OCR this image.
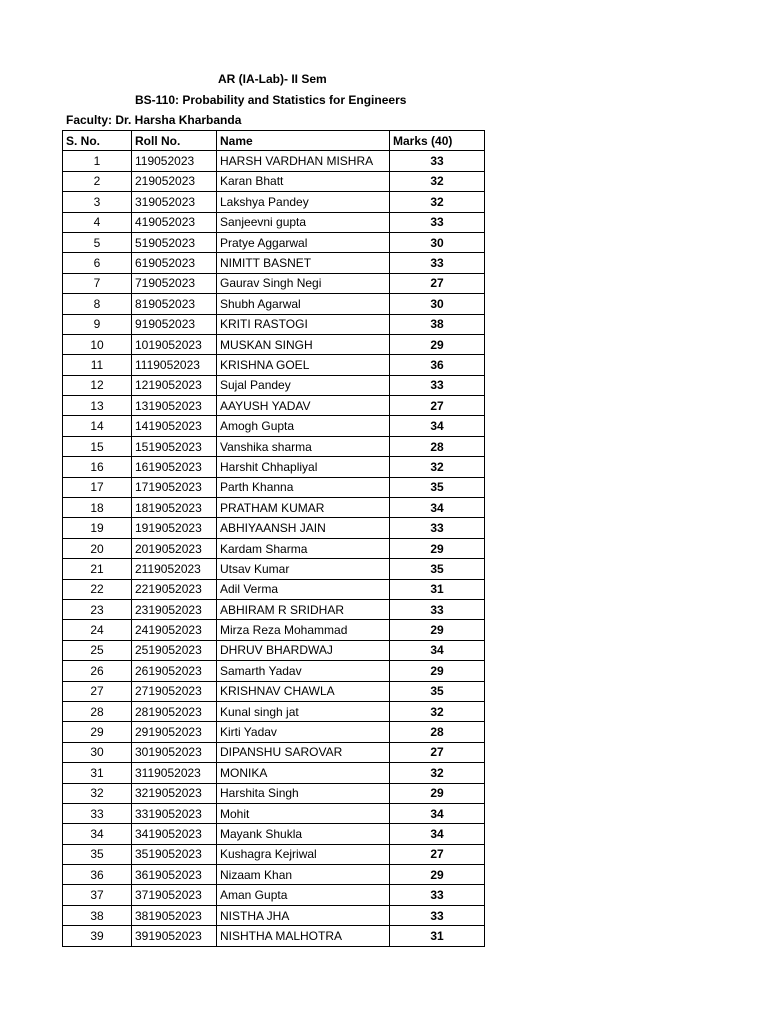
AR (IA-Lab)- II Sem
BS-110: Probability and Statistics for Engineers
Faculty: Dr. Harsha Kharbanda
S. No.	Roll No.	Name	Marks (40)
1	119052023	HARSH VARDHAN MISHRA	33
2	219052023	Karan Bhatt	32
3	319052023	Lakshya Pandey	32
4	419052023	Sanjeevni gupta	33
5	519052023	Pratye Aggarwal	30
6	619052023	NIMITT BASNET	33
7	719052023	Gaurav Singh Negi	27
8	819052023	Shubh Agarwal	30
9	919052023	KRITI RASTOGI	38
10	1019052023	MUSKAN SINGH	29
11	1119052023	KRISHNA GOEL	36
12	1219052023	Sujal Pandey	33
13	1319052023	AAYUSH YADAV	27
14	1419052023	Amogh Gupta	34
15	1519052023	Vanshika sharma	28
16	1619052023	Harshit Chhapliyal	32
17	1719052023	Parth Khanna	35
18	1819052023	PRATHAM KUMAR	34
19	1919052023	ABHIYAANSH JAIN	33
20	2019052023	Kardam Sharma	29
21	2119052023	Utsav Kumar	35
22	2219052023	Adil Verma	31
23	2319052023	ABHIRAM R SRIDHAR	33
24	2419052023	Mirza Reza Mohammad	29
25	2519052023	DHRUV BHARDWAJ	34
26	2619052023	Samarth Yadav	29
27	2719052023	KRISHNAV CHAWLA	35
28	2819052023	Kunal singh jat	32
29	2919052023	Kirti Yadav	28
30	3019052023	DIPANSHU SAROVAR	27
31	3119052023	MONIKA	32
32	3219052023	Harshita Singh	29
33	3319052023	Mohit	34
34	3419052023	Mayank Shukla	34
35	3519052023	Kushagra Kejriwal	27
36	3619052023	Nizaam Khan	29
37	3719052023	Aman Gupta	33
38	3819052023	NISTHA JHA	33
39	3919052023	NISHTHA MALHOTRA	31
